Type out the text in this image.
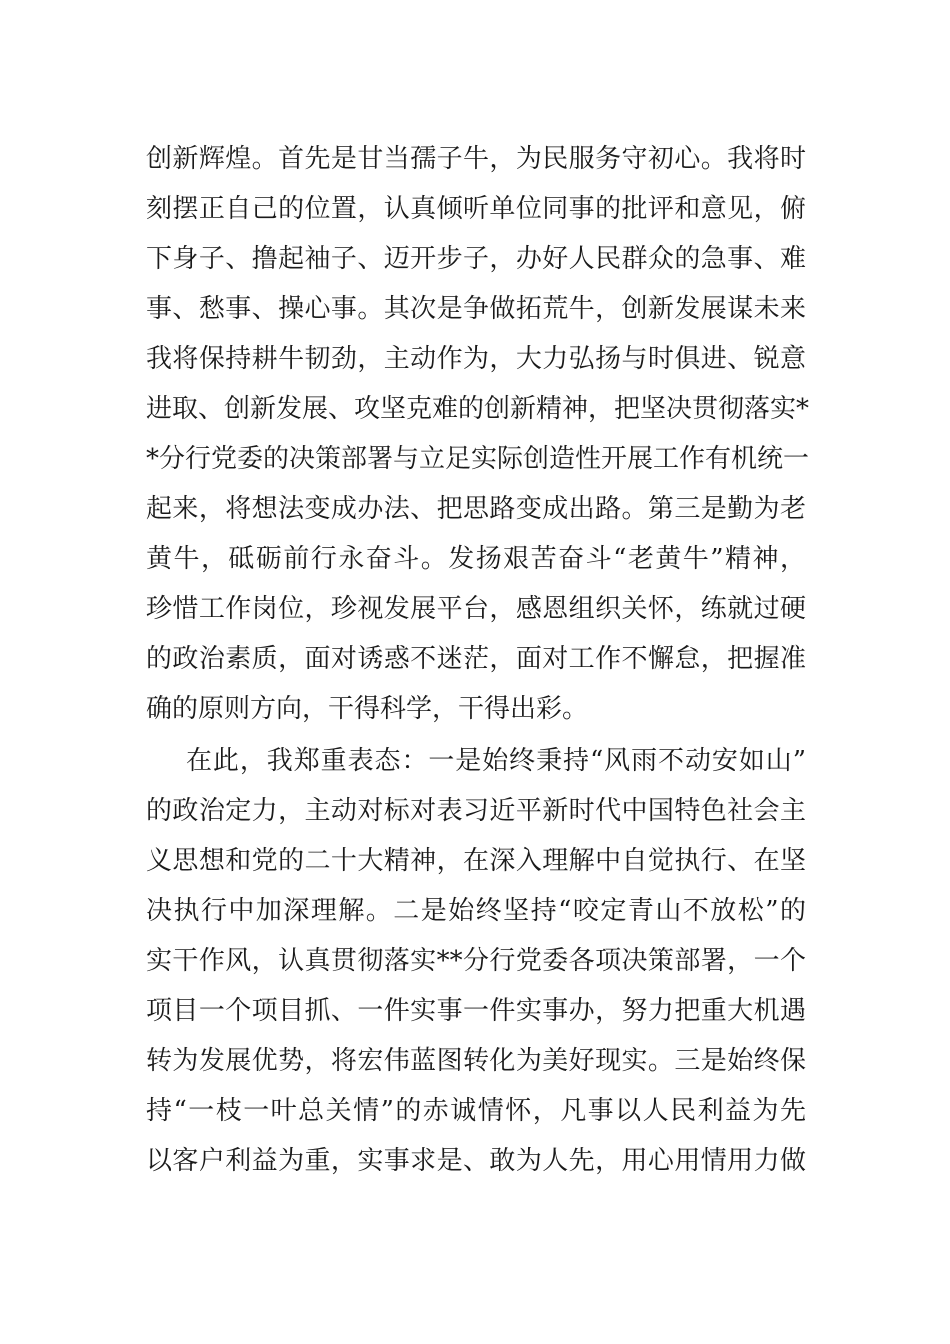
创新辉煌。首先是甘当孺子牛，为民服务守初心。我将时
刻摆正自己的位置，认真倾听单位同事的批评和意见，俯
下身子、撸起袖子、迈开步子，办好人民群众的急事、难
事、愁事、操心事。其次是争做拓荒牛，创新发展谋未来
我将保持耕牛韧劲，主动作为，大力弘扬与时俱进、锐意
进取、创新发展、攻坚克难的创新精神，把坚决贯彻落实*
*分行党委的决策部署与立足实际创造性开展工作有机统一
起来，将想法变成办法、把思路变成出路。第三是勤为老
黄牛，砥砺前行永奋斗。发扬艰苦奋斗“老黄牛”精神，
珍惜工作岗位，珍视发展平台，感恩组织关怀，练就过硬
的政治素质，面对诱惑不迷茫，面对工作不懈怠，把握准
确的原则方向，干得科学，干得出彩。
在此，我郑重表态：一是始终秉持“风雨不动安如山”
的政治定力，主动对标对表习近平新时代中国特色社会主
义思想和党的二十大精神，在深入理解中自觉执行、在坚
决执行中加深理解。二是始终坚持“咬定青山不放松”的
实干作风，认真贯彻落实**分行党委各项决策部署，一个
项目一个项目抓、一件实事一件实事办，努力把重大机遇
转为发展优势，将宏伟蓝图转化为美好现实。三是始终保
持“一枝一叶总关情”的赤诚情怀，凡事以人民利益为先
以客户利益为重，实事求是、敢为人先，用心用情用力做
